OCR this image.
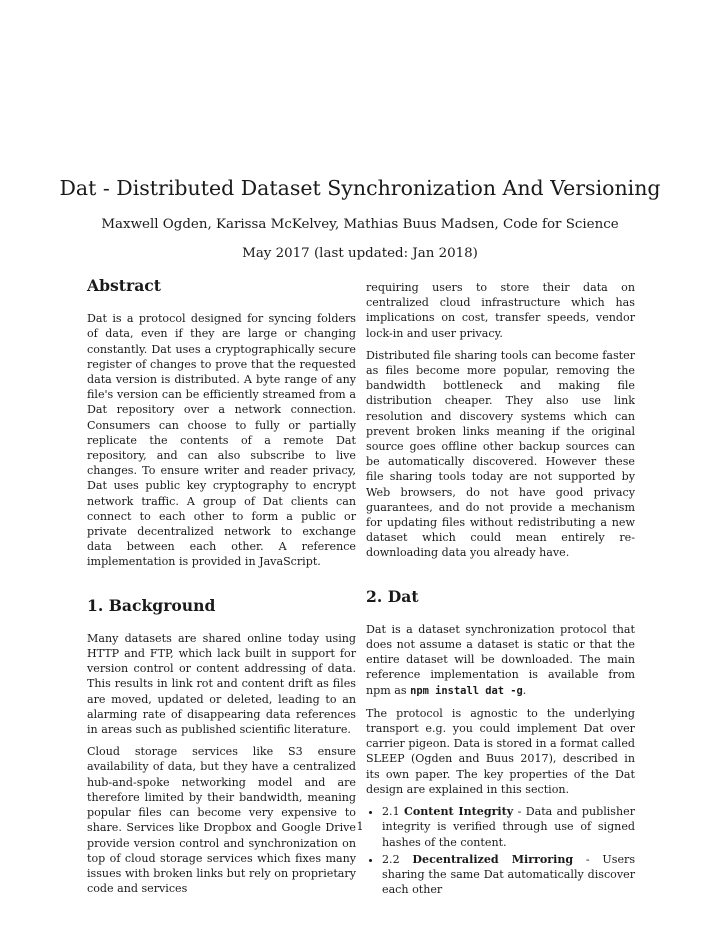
Dat - Distributed Dataset Synchronization And Versioning
Maxwell Ogden, Karissa McKelvey, Mathias Buus Madsen, Code for Science
May 2017 (last updated: Jan 2018)
Abstract

Dat is a protocol designed for syncing folders of data, even if they are large or changing constantly. Dat uses a cryptographically secure register of changes to prove that the requested data version is distributed. A byte range of any file's version can be efficiently streamed from a Dat repository over a network connection. Consumers can choose to fully or partially replicate the contents of a remote Dat repository, and can also subscribe to live changes. To ensure writer and reader privacy, Dat uses public key cryptography to encrypt network traffic. A group of Dat clients can connect to each other to form a public or private decentralized network to exchange data between each other. A reference implementation is provided in JavaScript.

1. Background

Many datasets are shared online today using HTTP and FTP, which lack built in support for version control or content addressing of data. This results in link rot and content drift as files are moved, updated or deleted, leading to an alarming rate of disappearing data references in areas such as published scientific literature.

Cloud storage services like S3 ensure availability of data, but they have a centralized hub-and-spoke networking model and are therefore limited by their bandwidth, meaning popular files can become very expensive to share. Services like Dropbox and Google Drive provide version control and synchronization on top of cloud storage services which fixes many issues with broken links but rely on proprietary code and services

requiring users to store their data on centralized cloud infrastructure which has implications on cost, transfer speeds, vendor lock-in and user privacy.

Distributed file sharing tools can become faster as files become more popular, removing the bandwidth bottleneck and making file distribution cheaper. They also use link resolution and discovery systems which can prevent broken links meaning if the original source goes offline other backup sources can be automatically discovered. However these file sharing tools today are not supported by Web browsers, do not have good privacy guarantees, and do not provide a mechanism for updating files without redistributing a new dataset which could mean entirely re-downloading data you already have.

2. Dat

Dat is a dataset synchronization protocol that does not assume a dataset is static or that the entire dataset will be downloaded. The main reference implementation is available from npm as npm install dat -g.

The protocol is agnostic to the underlying transport e.g. you could implement Dat over carrier pigeon. Data is stored in a format called SLEEP (Ogden and Buus 2017), described in its own paper. The key properties of the Dat design are explained in this section.

• 2.1 Content Integrity - Data and publisher integrity is verified through use of signed hashes of the content.
• 2.2 Decentralized Mirroring - Users sharing the same Dat automatically discover each other
1
